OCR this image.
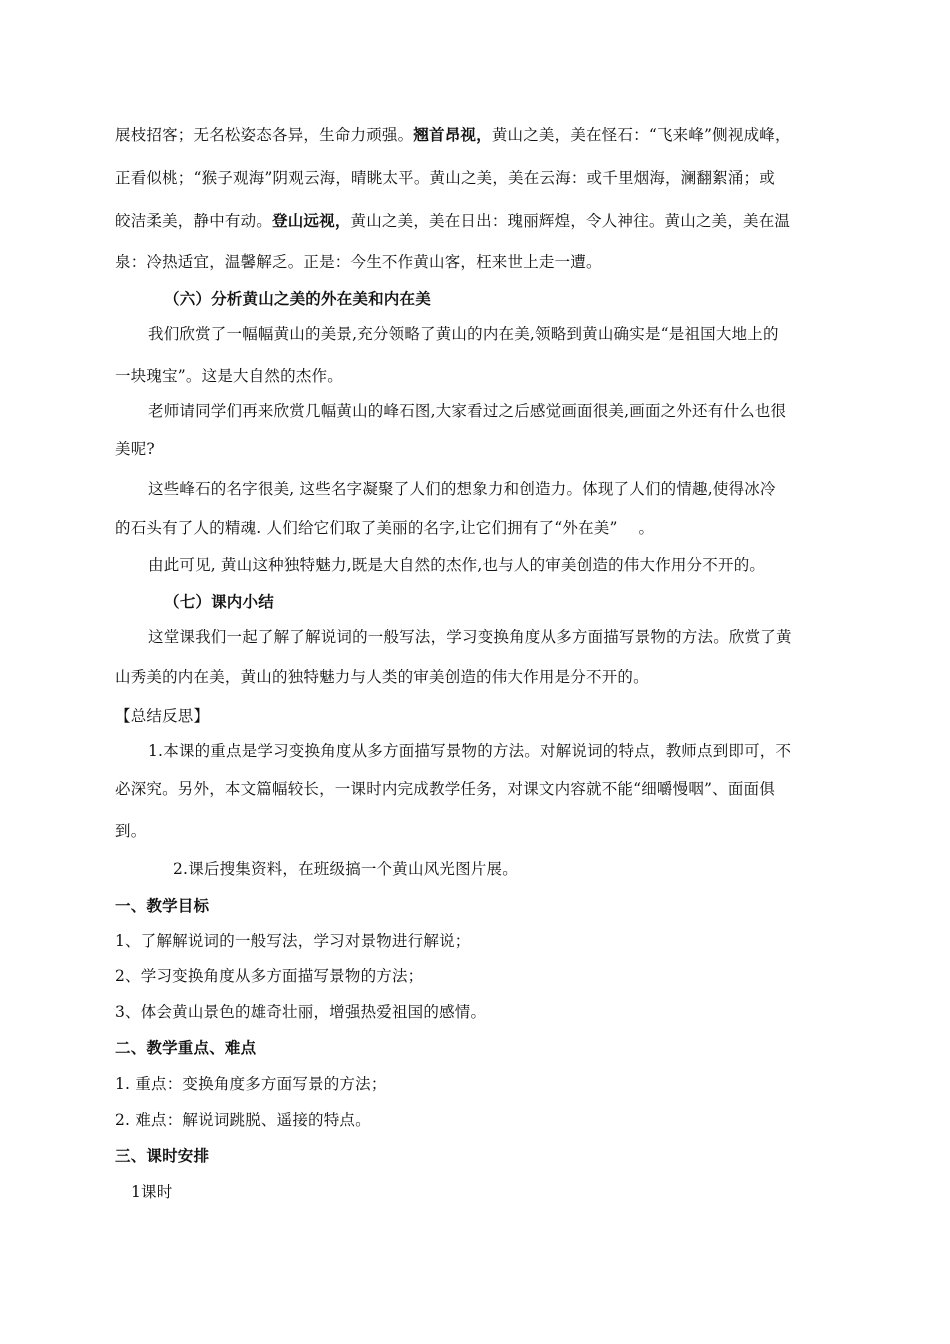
展枝招客；无名松姿态各异，生命力顽强。翘首昂视，黄山之美，美在怪石：“飞来峰”侧视成峰，
正看似桃；“猴子观海”阴观云海，晴眺太平。黄山之美，美在云海：或千里烟海，澜翻絮涌；或
皎洁柔美，静中有动。登山远视，黄山之美，美在日出：瑰丽辉煌，令人神往。黄山之美，美在温
泉：冷热适宜，温馨解乏。正是：今生不作黄山客，枉来世上走一遭。
（六）分析黄山之美的外在美和内在美
我们欣赏了一幅幅黄山的美景,充分领略了黄山的内在美,领略到黄山确实是“是祖国大地上的
一块瑰宝”。这是大自然的杰作。
老师请同学们再来欣赏几幅黄山的峰石图,大家看过之后感觉画面很美,画面之外还有什么也很
美呢?
这些峰石的名字很美, 这些名字凝聚了人们的想象力和创造力。体现了人们的情趣,使得冰冷
的石头有了人的精魂. 人们给它们取了美丽的名字,让它们拥有了“外在美”　 。
由此可见, 黄山这种独特魅力,既是大自然的杰作,也与人的审美创造的伟大作用分不开的。
（七）课内小结
这堂课我们一起了解了解说词的一般写法，学习变换角度从多方面描写景物的方法。欣赏了黄
山秀美的内在美，黄山的独特魅力与人类的审美创造的伟大作用是分不开的。
【总结反思】
1.本课的重点是学习变换角度从多方面描写景物的方法。对解说词的特点，教师点到即可，不
必深究。另外，本文篇幅较长，一课时内完成教学任务，对课文内容就不能“细嚼慢咽”、面面俱
到。
2.课后搜集资料，在班级搞一个黄山风光图片展。
一、教学目标
1、了解解说词的一般写法，学习对景物进行解说；
2、学习变换角度从多方面描写景物的方法；
3、体会黄山景色的雄奇壮丽，增强热爱祖国的感情。
二、教学重点、难点
1. 重点：变换角度多方面写景的方法；
2. 难点：解说词跳脱、遥接的特点。
三、课时安排
1课时
